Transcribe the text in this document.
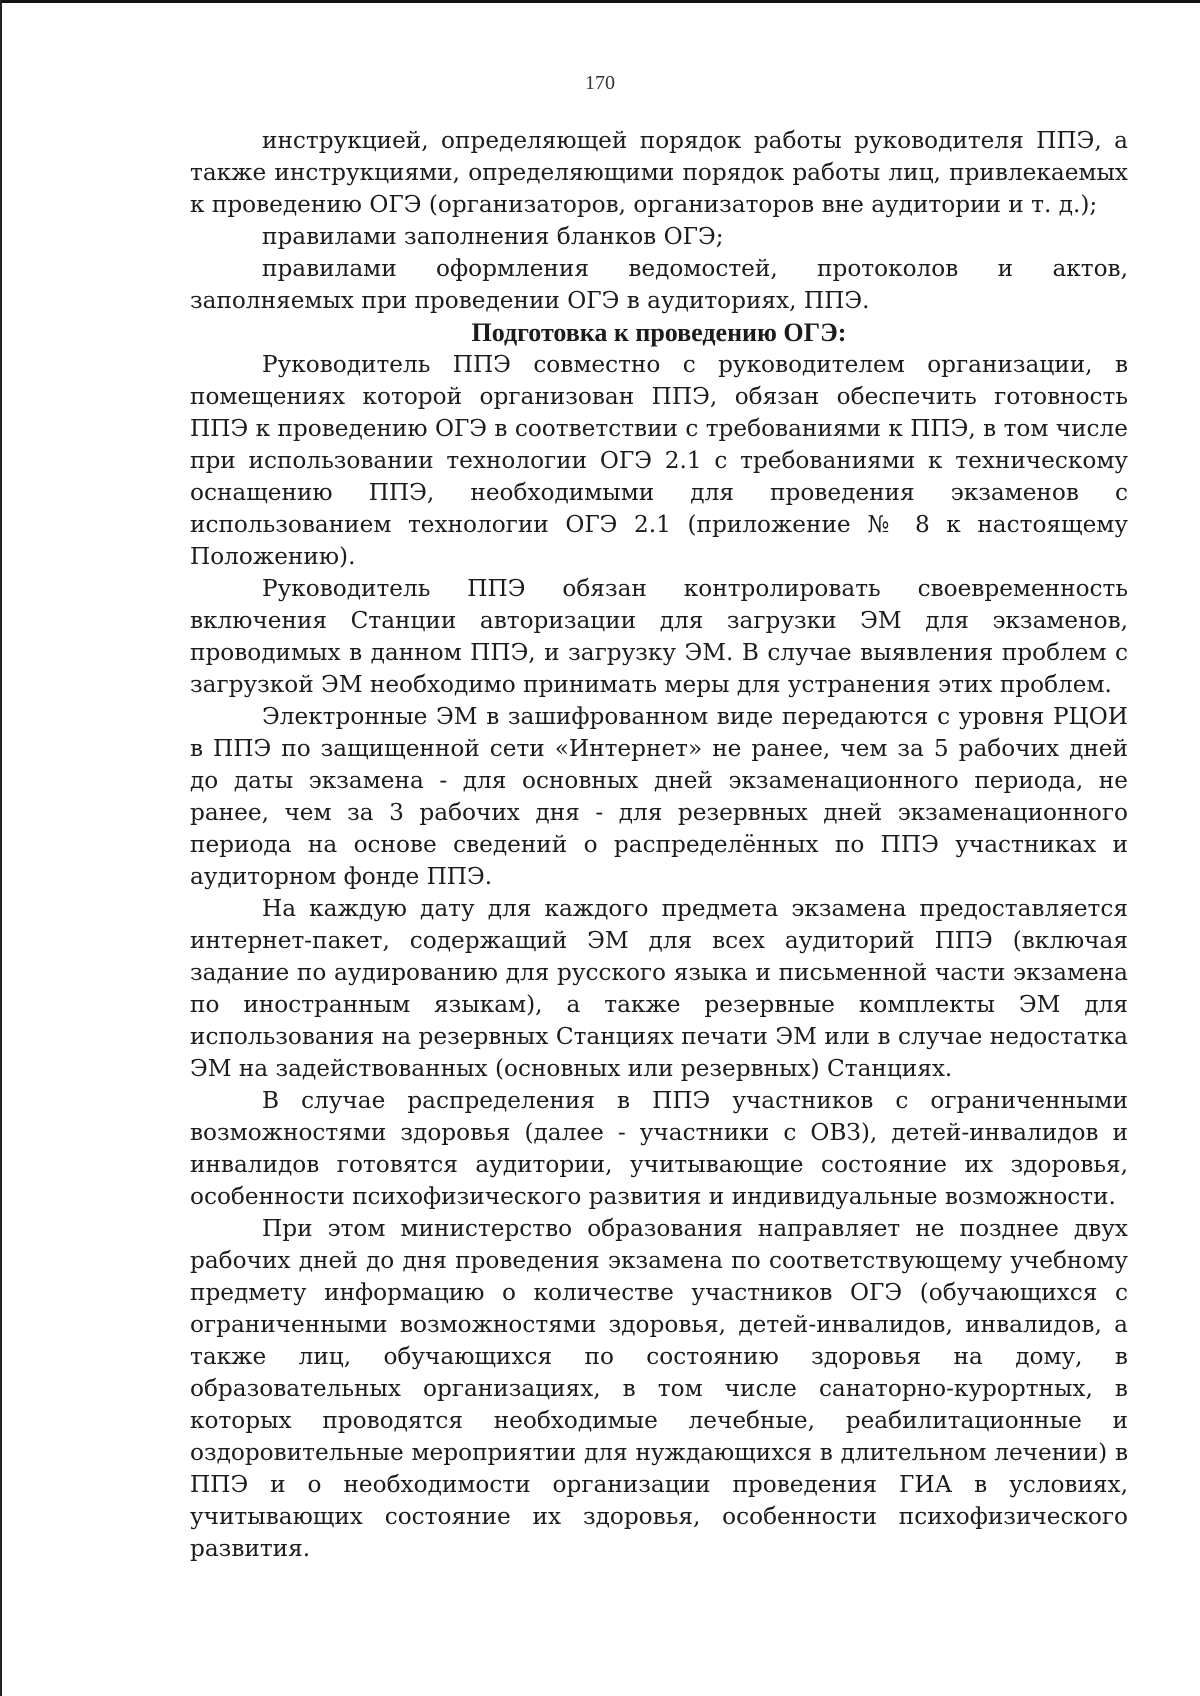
170

инструкцией, определяющей порядок работы руководителя ППЭ, а также инструкциями, определяющими порядок работы лиц, привлекаемых к проведению ОГЭ (организаторов, организаторов вне аудитории и т. д.);

правилами заполнения бланков ОГЭ;

правилами оформления ведомостей, протоколов и актов, заполняемых при проведении ОГЭ в аудиториях, ППЭ.

Подготовка к проведению ОГЭ:

Руководитель ППЭ совместно с руководителем организации, в помещениях которой организован ППЭ, обязан обеспечить готовность ППЭ к проведению ОГЭ в соответствии с требованиями к ППЭ, в том числе при использовании технологии ОГЭ 2.1 с требованиями к техническому оснащению ППЭ, необходимыми для проведения экзаменов с использованием технологии ОГЭ 2.1 (приложение № 8 к настоящему Положению).

Руководитель ППЭ обязан контролировать своевременность включения Станции авторизации для загрузки ЭМ для экзаменов, проводимых в данном ППЭ, и загрузку ЭМ. В случае выявления проблем с загрузкой ЭМ необходимо принимать меры для устранения этих проблем.

Электронные ЭМ в зашифрованном виде передаются с уровня РЦОИ в ППЭ по защищенной сети «Интернет» не ранее, чем за 5 рабочих дней до даты экзамена - для основных дней экзаменационного периода, не ранее, чем за 3 рабочих дня - для резервных дней экзаменационного периода на основе сведений о распределённых по ППЭ участниках и аудиторном фонде ППЭ.

На каждую дату для каждого предмета экзамена предоставляется интернет-пакет, содержащий ЭМ для всех аудиторий ППЭ (включая задание по аудированию для русского языка и письменной части экзамена по иностранным языкам), а также резервные комплекты ЭМ для использования на резервных Станциях печати ЭМ или в случае недостатка ЭМ на задействованных (основных или резервных) Станциях.

В случае распределения в ППЭ участников с ограниченными возможностями здоровья (далее - участники с ОВЗ), детей-инвалидов и инвалидов готовятся аудитории, учитывающие состояние их здоровья, особенности психофизического развития и индивидуальные возможности.

При этом министерство образования направляет не позднее двух рабочих дней до дня проведения экзамена по соответствующему учебному предмету информацию о количестве участников ОГЭ (обучающихся с ограниченными возможностями здоровья, детей-инвалидов, инвалидов, а также лиц, обучающихся по состоянию здоровья на дому, в образовательных организациях, в том числе санаторно-курортных, в которых проводятся необходимые лечебные, реабилитационные и оздоровительные мероприятии для нуждающихся в длительном лечении) в ППЭ и о необходимости организации проведения ГИА в условиях, учитывающих состояние их здоровья, особенности психофизического развития.
